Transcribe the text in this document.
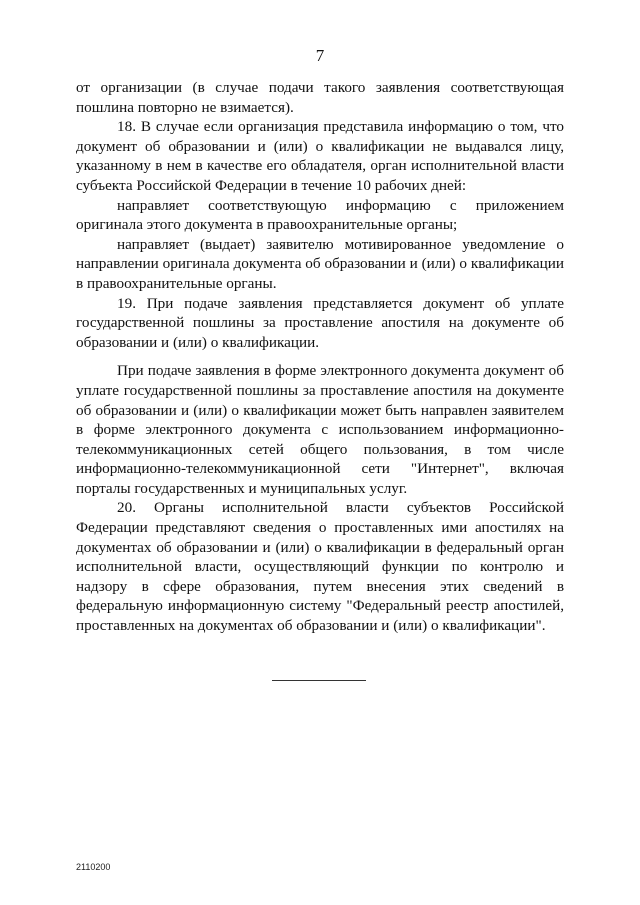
7

от организации (в случае подачи такого заявления соответствующая пошлина повторно не взимается).

18. В случае если организация представила информацию о том, что документ об образовании и (или) о квалификации не выдавался лицу, указанному в нем в качестве его обладателя, орган исполнительной власти субъекта Российской Федерации в течение 10 рабочих дней:

направляет соответствующую информацию с приложением оригинала этого документа в правоохранительные органы;

направляет (выдает) заявителю мотивированное уведомление о направлении оригинала документа об образовании и (или) о квалификации в правоохранительные органы.

19. При подаче заявления представляется документ об уплате государственной пошлины за проставление апостиля на документе об образовании и (или) о квалификации.

При подаче заявления в форме электронного документа документ об уплате государственной пошлины за проставление апостиля на документе об образовании и (или) о квалификации может быть направлен заявителем в форме электронного документа с использованием информационно-телекоммуникационных сетей общего пользования, в том числе информационно-телекоммуникационной сети "Интернет", включая порталы государственных и муниципальных услуг.

20. Органы исполнительной власти субъектов Российской Федерации представляют сведения о проставленных ими апостилях на документах об образовании и (или) о квалификации в федеральный орган исполнительной власти, осуществляющий функции по контролю и надзору в сфере образования, путем внесения этих сведений в федеральную информационную систему "Федеральный реестр апостилей, проставленных на документах об образовании и (или) о квалификации".

2110200
